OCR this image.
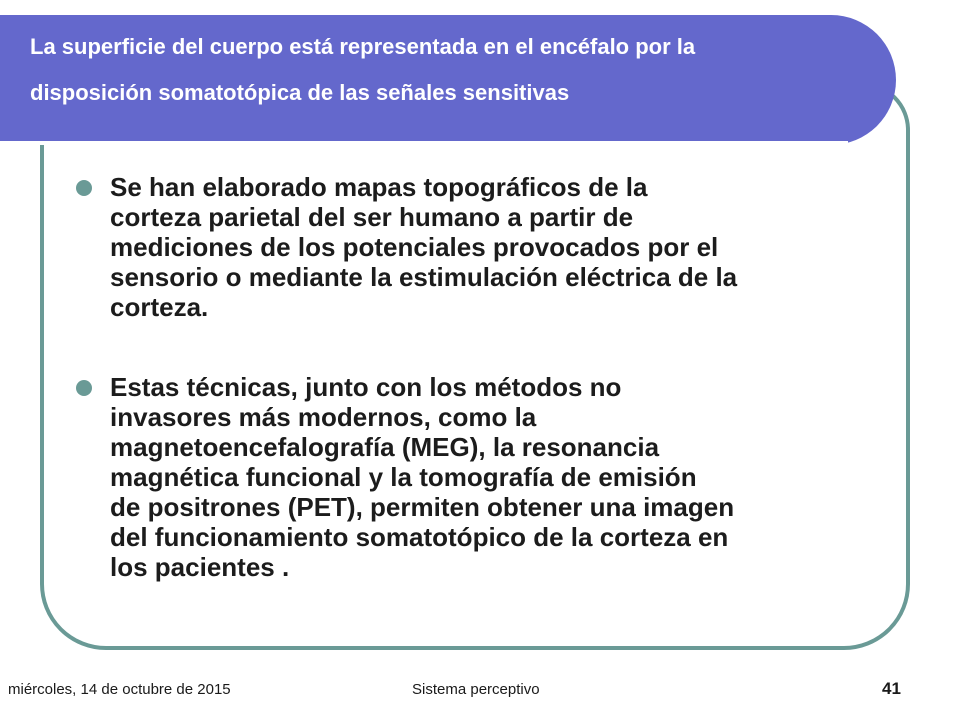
La superficie del cuerpo está representada en el encéfalo por la
disposición somatotópica de las señales sensitivas
Se han elaborado mapas topográficos de la
corteza parietal del ser humano a partir de
mediciones de los potenciales provocados por el
sensorio o mediante la estimulación eléctrica de la
corteza.
Estas técnicas, junto con los métodos no
invasores más modernos, como la
magnetoencefalografía (MEG), la resonancia
magnética funcional y la tomografía de emisión
de positrones (PET), permiten obtener una imagen
del funcionamiento somatotópico de la corteza en
los pacientes .
miércoles, 14 de octubre de 2015	Sistema perceptivo	41
